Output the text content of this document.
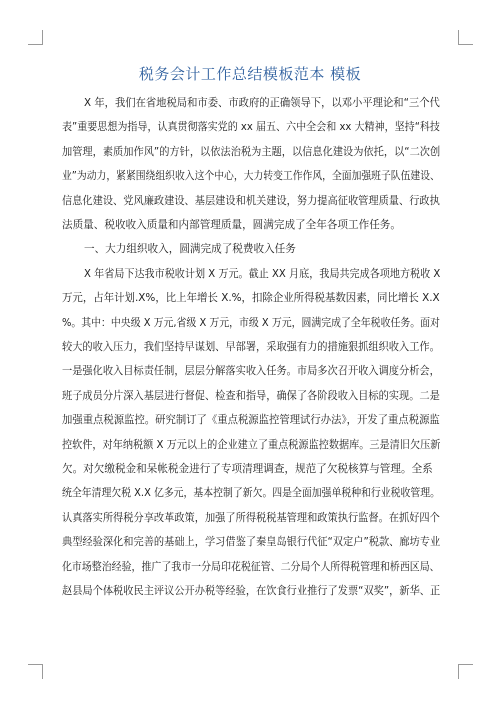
税务会计工作总结模板范本 模板
X 年，我们在省地税局和市委、市政府的正确领导下，以邓小平理论和“三个代
表”重要思想为指导，认真贯彻落实党的 xx 届五、六中全会和 xx 大精神，坚持“科技
加管理，素质加作风”的方针，以依法治税为主题，以信息化建设为依托，以“二次创
业”为动力，紧紧围绕组织收入这个中心，大力转变工作作风，全面加强班子队伍建设、
信息化建设、党风廉政建设、基层建设和机关建设，努力提高征收管理质量、行政执
法质量、税收收入质量和内部管理质量，圆满完成了全年各项工作任务。
一、大力组织收入，圆满完成了税费收入任务
X 年省局下达我市税收计划 X 万元。截止 XX 月底，我局共完成各项地方税收 X
万元，占年计划.X%，比上年增长 X.%，扣除企业所得税基数因素，同比增长 X.X
%。其中：中央级 X 万元,省级 X 万元，市级 X 万元，圆满完成了全年税收任务。面对
较大的收入压力，我们坚持早谋划、早部署，采取强有力的措施狠抓组织收入工作。
一是强化收入目标责任制，层层分解落实收入任务。市局多次召开收入调度分析会，
班子成员分片深入基层进行督促、检查和指导，确保了各阶段收入目标的实现。二是
加强重点税源监控。研究制订了《重点税源监控管理试行办法》，开发了重点税源监
控软件，对年纳税额 X 万元以上的企业建立了重点税源监控数据库。三是清旧欠压新
欠。对欠缴税金和呆帐税金进行了专项清理调查，规范了欠税核算与管理。全系
统全年清理欠税 X.X 亿多元，基本控制了新欠。四是全面加强单税种和行业税收管理。
认真落实所得税分享改革政策，加强了所得税税基管理和政策执行监督。在抓好四个
典型经验深化和完善的基础上，学习借鉴了秦皇岛银行代征“双定户”税款、廊坊专业
化市场整治经验，推广了我市一分局印花税征管、二分局个人所得税管理和桥西区局、
赵县局个体税收民主评议公开办税等经验，在饮食行业推行了发票“双奖”，新华、正
